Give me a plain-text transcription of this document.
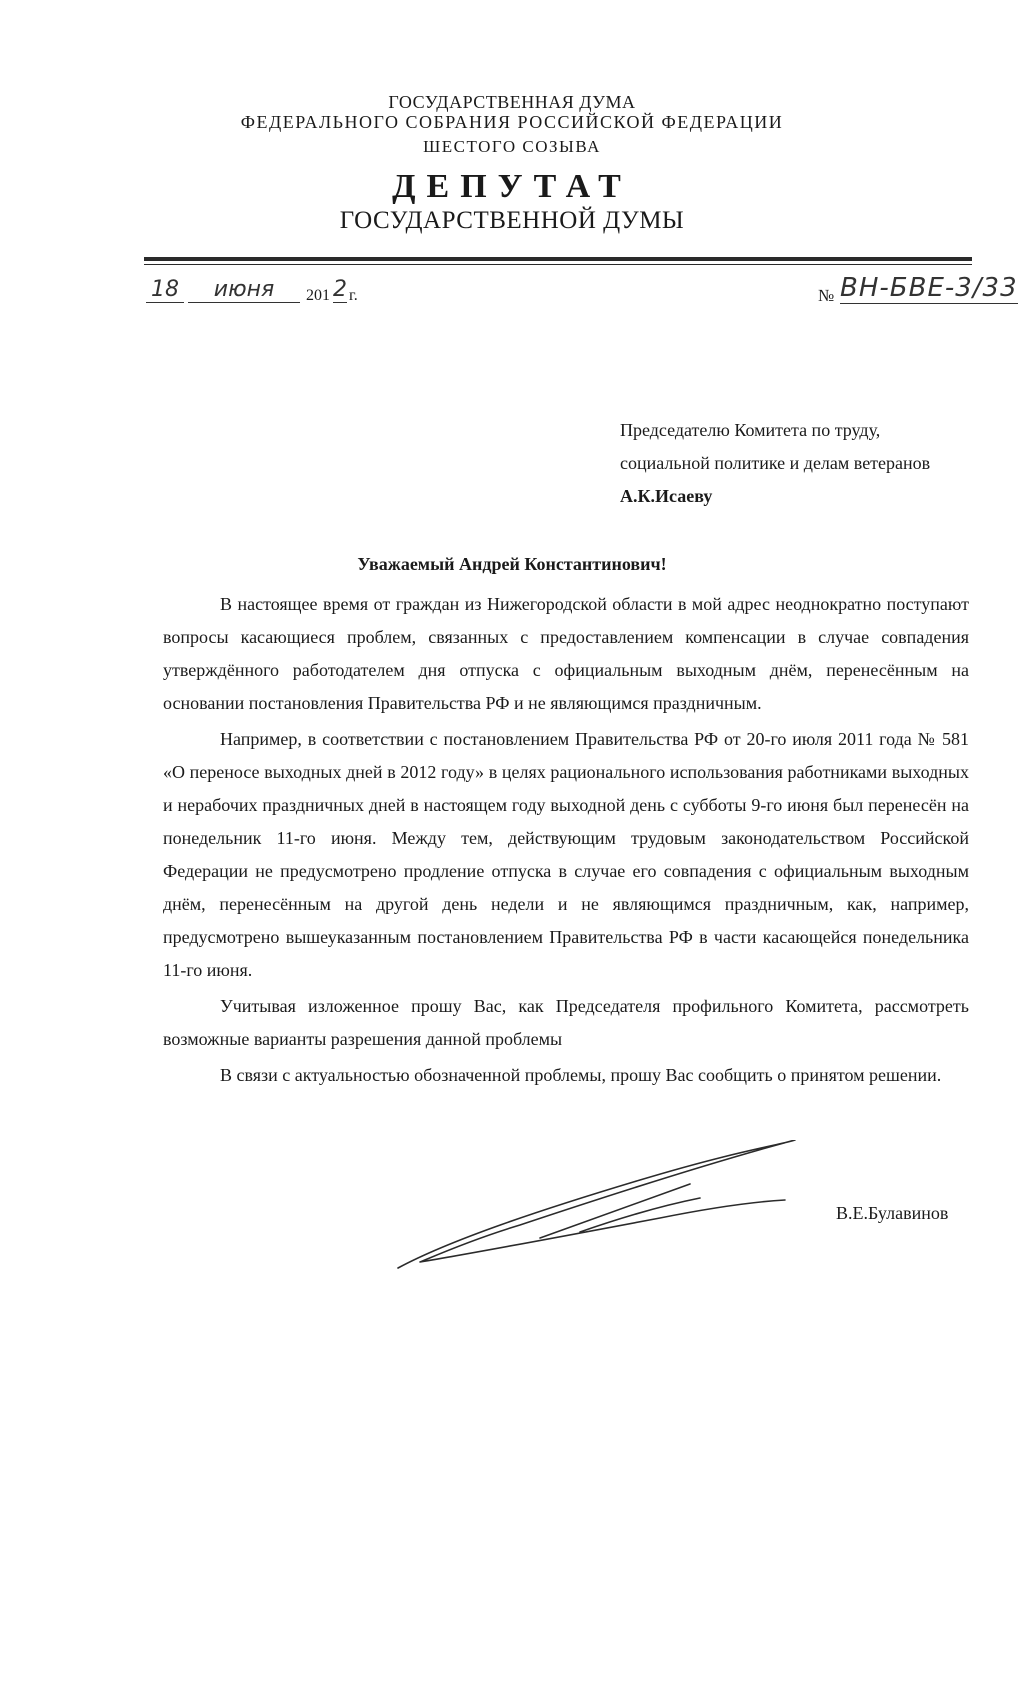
ГОСУДАРСТВЕННАЯ ДУМА
ФЕДЕРАЛЬНОГО СОБРАНИЯ РОССИЙСКОЙ ФЕДЕРАЦИИ
ШЕСТОГО СОЗЫВА
ДЕПУТАТ
ГОСУДАРСТВЕННОЙ ДУМЫ
18	июня	201 2 г.	№ ВН-БВЕ-3/33
Председателю Комитета по труду,
социальной политике и делам ветеранов
А.К.Исаеву
Уважаемый Андрей Константинович!

В настоящее время от граждан из Нижегородской области в мой адрес неоднократно поступают вопросы касающиеся проблем, связанных с предоставлением компенсации в случае совпадения утверждённого работодателем дня отпуска с официальным выходным днём, перенесённым на основании постановления Правительства РФ и не являющимся праздничным.

Например, в соответствии с постановлением Правительства РФ от 20-го июля 2011 года № 581 «О переносе выходных дней в 2012 году» в целях рационального использования работниками выходных и нерабочих праздничных дней в настоящем году выходной день с субботы 9-го июня был перенесён на понедельник 11-го июня. Между тем, действующим трудовым законодательством Российской Федерации не предусмотрено продление отпуска в случае его совпадения с официальным выходным днём, перенесённым на другой день недели и не являющимся праздничным, как, например, предусмотрено вышеуказанным постановлением Правительства РФ в части касающейся понедельника 11-го июня.

Учитывая изложенное прошу Вас, как Председателя профильного Комитета, рассмотреть возможные варианты разрешения данной проблемы

В связи с актуальностью обозначенной проблемы, прошу Вас сообщить о принятом решении.

В.Е.Булавинов
